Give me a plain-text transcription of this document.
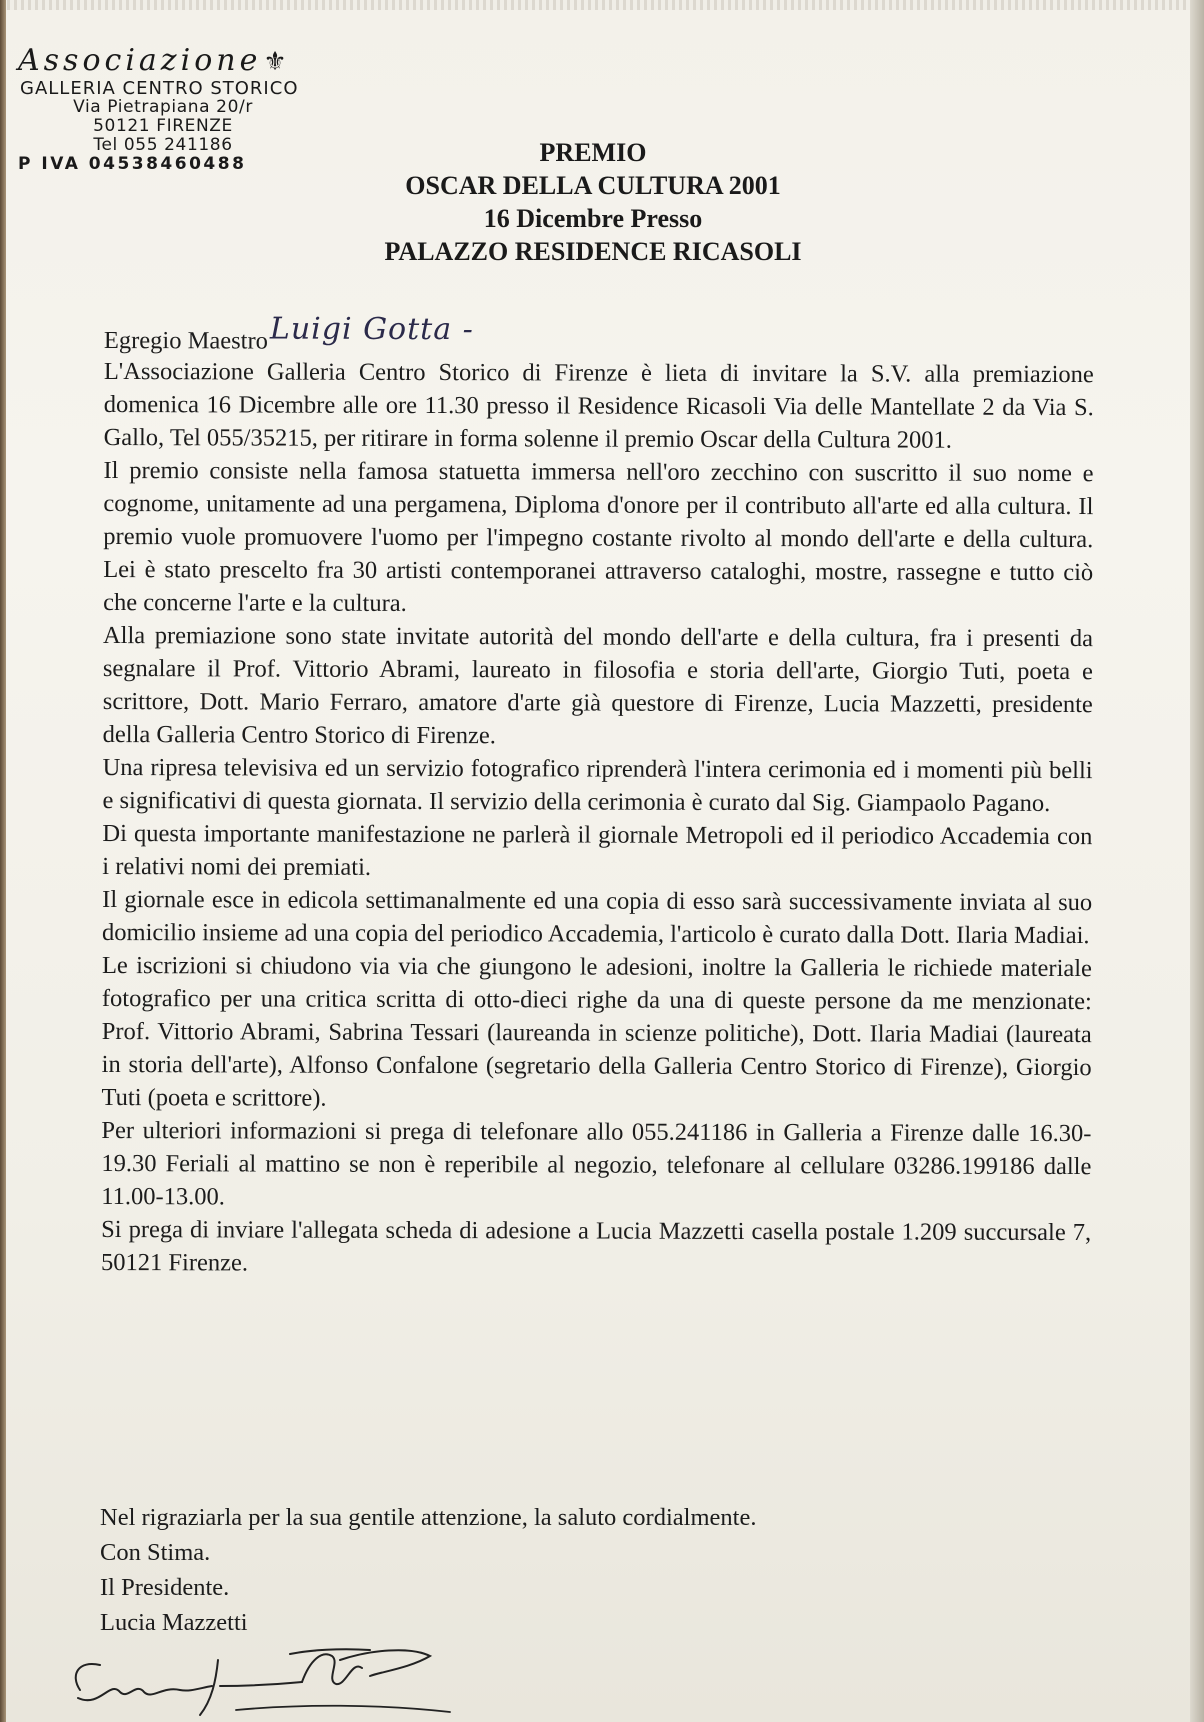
Associazione⚜
GALLERIA CENTRO STORICO
Via Pietrapiana 20/r
50121 FIRENZE
Tel 055 241186
P IVA 04538460488	PREMIO
OSCAR DELLA CULTURA 2001
16 Dicembre Presso
PALAZZO RESIDENCE RICASOLI
Egregio MaestroLuigi Gotta -

L'Associazione Galleria Centro Storico di Firenze è lieta di invitare la S.V. alla premiazione domenica 16 Dicembre alle ore 11.30 presso il Residence Ricasoli Via delle Mantellate 2 da Via S. Gallo, Tel 055/35215, per ritirare in forma solenne il premio Oscar della Cultura 2001.

Il premio consiste nella famosa statuetta immersa nell'oro zecchino con suscritto il suo nome e cognome, unitamente ad una pergamena, Diploma d'onore per il contributo all'arte ed alla cultura. Il premio vuole promuovere l'uomo per l'impegno costante rivolto al mondo dell'arte e della cultura. Lei è stato prescelto fra 30 artisti contemporanei attraverso cataloghi, mostre, rassegne e tutto ciò che concerne l'arte e la cultura.

Alla premiazione sono state invitate autorità del mondo dell'arte e della cultura, fra i presenti da segnalare il Prof. Vittorio Abrami, laureato in filosofia e storia dell'arte, Giorgio Tuti, poeta e scrittore, Dott. Mario Ferraro, amatore d'arte già questore di Firenze, Lucia Mazzetti, presidente della Galleria Centro Storico di Firenze.

Una ripresa televisiva ed un servizio fotografico riprenderà l'intera cerimonia ed i momenti più belli e significativi di questa giornata. Il servizio della cerimonia è curato dal Sig. Giampaolo Pagano.

Di questa importante manifestazione ne parlerà il giornale Metropoli ed il periodico Accademia con i relativi nomi dei premiati.

Il giornale esce in edicola settimanalmente ed una copia di esso sarà successivamente inviata al suo domicilio insieme ad una copia del periodico Accademia, l'articolo è curato dalla Dott. Ilaria Madiai.

Le iscrizioni si chiudono via via che giungono le adesioni, inoltre la Galleria le richiede materiale fotografico per una critica scritta di otto-dieci righe da una di queste persone da me menzionate: Prof. Vittorio Abrami, Sabrina Tessari (laureanda in scienze politiche), Dott. Ilaria Madiai (laureata in storia dell'arte), Alfonso Confalone (segretario della Galleria Centro Storico di Firenze), Giorgio Tuti (poeta e scrittore).

Per ulteriori informazioni si prega di telefonare allo 055.241186 in Galleria a Firenze dalle 16.30-19.30 Feriali al mattino se non è reperibile al negozio, telefonare al cellulare 03286.199186 dalle 11.00-13.00.

Si prega di inviare l'allegata scheda di adesione a Lucia Mazzetti casella postale 1.209 succursale 7, 50121 Firenze.

Nel rigraziarla per la sua gentile attenzione, la saluto cordialmente.
Con Stima.
Il Presidente.
Lucia Mazzetti
